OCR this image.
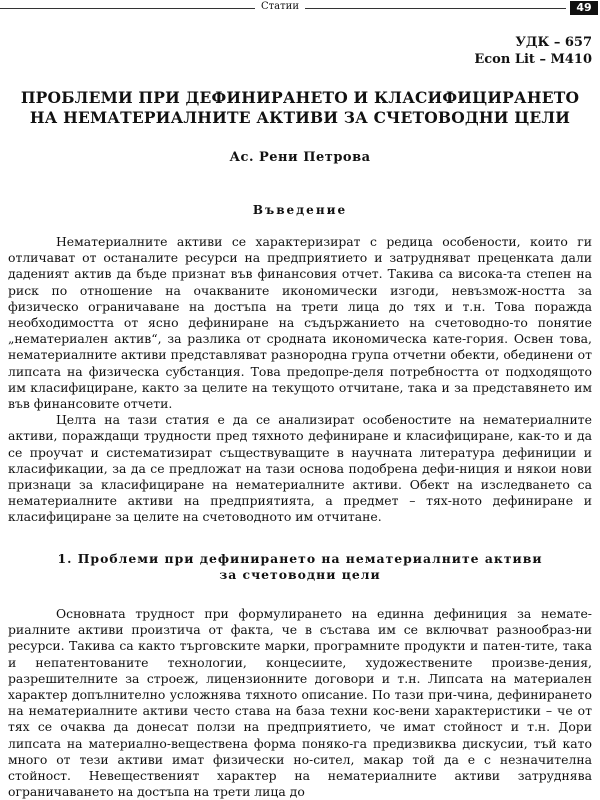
Статии	49
УДК – 657
Econ Lit – M410
ПРОБЛЕМИ ПРИ ДЕФИНИРАНЕТО И КЛАСИФИЦИРАНЕТО
НА НЕМАТЕРИАЛНИТЕ АКТИВИ ЗА СЧЕТОВОДНИ ЦЕЛИ
Ас. Рени Петрова
Въведение

Нематериалните активи се характеризират с редица особености, които ги отличават от останалите ресурси на предприятието и затрудняват преценката дали даденият актив да бъде признат във финансовия отчет. Такива са висока-та степен на риск по отношение на очакваните икономически изгоди, невъзмож-ността за физическо ограничаване на достъпа на трети лица до тях и т.н. Това поражда необходимостта от ясно дефиниране на съдържанието на счетоводно-то понятие „нематериален актив“, за разлика от сродната икономическа кате-гория. Освен това, нематериалните активи представляват разнородна група отчетни обекти, обединени от липсата на физическа субстанция. Това предопре-деля потребността от подходящото им класифициране, както за целите на текущото отчитане, така и за представянето им във финансовите отчети.

Целта на тази статия е да се анализират особеностите на нематериалните активи, пораждащи трудности пред тяхното дефиниране и класифициране, как-то и да се проучат и систематизират съществуващите в научната литература дефиниции и класификации, за да се предложат на тази основа подобрена дефи-ниция и някои нови признаци за класифициране на нематериалните активи. Обект на изследването са нематериалните активи на предприятията, а предмет – тях-ното дефиниране и класифициране за целите на счетоводното им отчитане.

1. Проблеми при дефинирането на нематериалните активи
за счетоводни цели

Основната трудност при формулирането на единна дефиниция за немате-риалните активи произтича от факта, че в състава им се включват разнообраз-ни ресурси. Такива са както търговските марки, програмните продукти и патен-тите, така и непатентованите технологии, концесиите, художествените произве-дения, разрешителните за строеж, лицензионните договори и т.н. Липсата на материален характер допълнително усложнява тяхното описание. По тази при-чина, дефинирането на нематериалните активи често става на база техни кос-вени характеристики – че от тях се очаква да донесат ползи на предприятието, че имат стойност и т.н. Дори липсата на материално-веществена форма поняко-га предизвиква дискусии, тъй като много от тези активи имат физически но-сител, макар той да е с незначителна стойност. Невещественият характер на нематериалните активи затруднява ограничаването на достъпа на трети лица до
